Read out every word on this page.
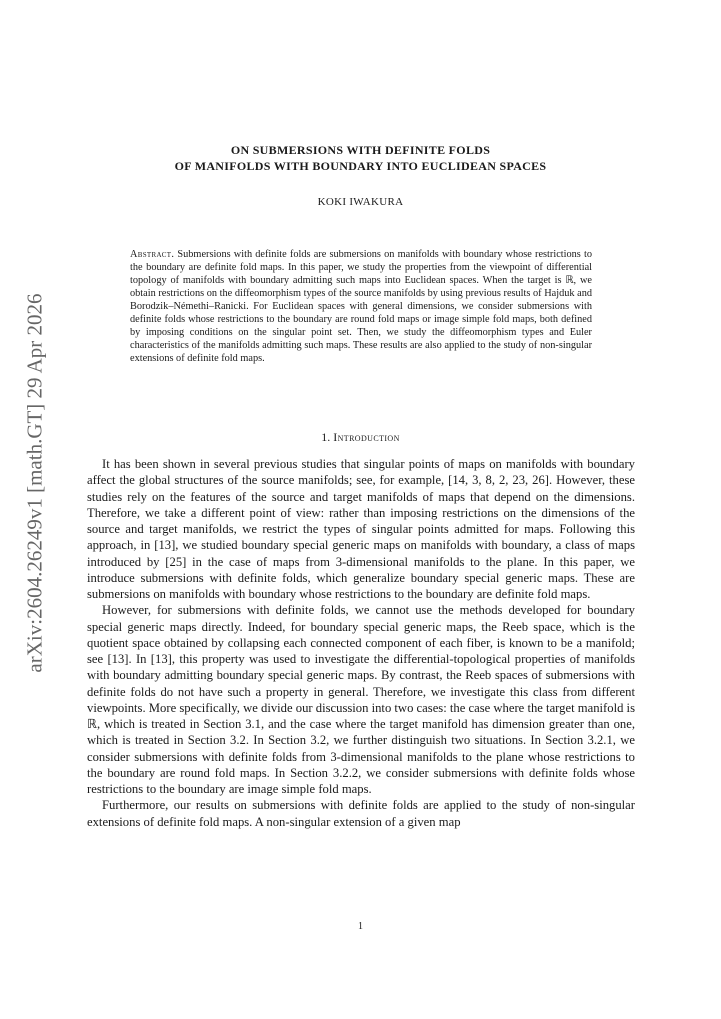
arXiv:2604.26249v1 [math.GT] 29 Apr 2026
ON SUBMERSIONS WITH DEFINITE FOLDS
OF MANIFOLDS WITH BOUNDARY INTO EUCLIDEAN SPACES
KOKI IWAKURA
Abstract. Submersions with definite folds are submersions on manifolds with boundary whose restrictions to the boundary are definite fold maps. In this paper, we study the properties from the viewpoint of differential topology of manifolds with boundary admitting such maps into Euclidean spaces. When the target is ℝ, we obtain restrictions on the diffeomorphism types of the source manifolds by using previous results of Hajduk and Borodzik–Némethi–Ranicki. For Euclidean spaces with general dimensions, we consider submersions with definite folds whose restrictions to the boundary are round fold maps or image simple fold maps, both defined by imposing conditions on the singular point set. Then, we study the diffeomorphism types and Euler characteristics of the manifolds admitting such maps. These results are also applied to the study of non-singular extensions of definite fold maps.
1. Introduction

It has been shown in several previous studies that singular points of maps on manifolds with boundary affect the global structures of the source manifolds; see, for example, [14, 3, 8, 2, 23, 26]. However, these studies rely on the features of the source and target manifolds of maps that depend on the dimensions. Therefore, we take a different point of view: rather than imposing restrictions on the dimensions of the source and target manifolds, we restrict the types of singular points admitted for maps. Following this approach, in [13], we studied boundary special generic maps on manifolds with boundary, a class of maps introduced by [25] in the case of maps from 3-dimensional manifolds to the plane. In this paper, we introduce submersions with definite folds, which generalize boundary special generic maps. These are submersions on manifolds with boundary whose restrictions to the boundary are definite fold maps.

However, for submersions with definite folds, we cannot use the methods developed for boundary special generic maps directly. Indeed, for boundary special generic maps, the Reeb space, which is the quotient space obtained by collapsing each connected component of each fiber, is known to be a manifold; see [13]. In [13], this property was used to investigate the differential-topological properties of manifolds with boundary admitting boundary special generic maps. By contrast, the Reeb spaces of submersions with definite folds do not have such a property in general. Therefore, we investigate this class from different viewpoints. More specifically, we divide our discussion into two cases: the case where the target manifold is ℝ, which is treated in Section 3.1, and the case where the target manifold has dimension greater than one, which is treated in Section 3.2. In Section 3.2, we further distinguish two situations. In Section 3.2.1, we consider submersions with definite folds from 3-dimensional manifolds to the plane whose restrictions to the boundary are round fold maps. In Section 3.2.2, we consider submersions with definite folds whose restrictions to the boundary are image simple fold maps.

Furthermore, our results on submersions with definite folds are applied to the study of non-singular extensions of definite fold maps. A non-singular extension of a given map

1
